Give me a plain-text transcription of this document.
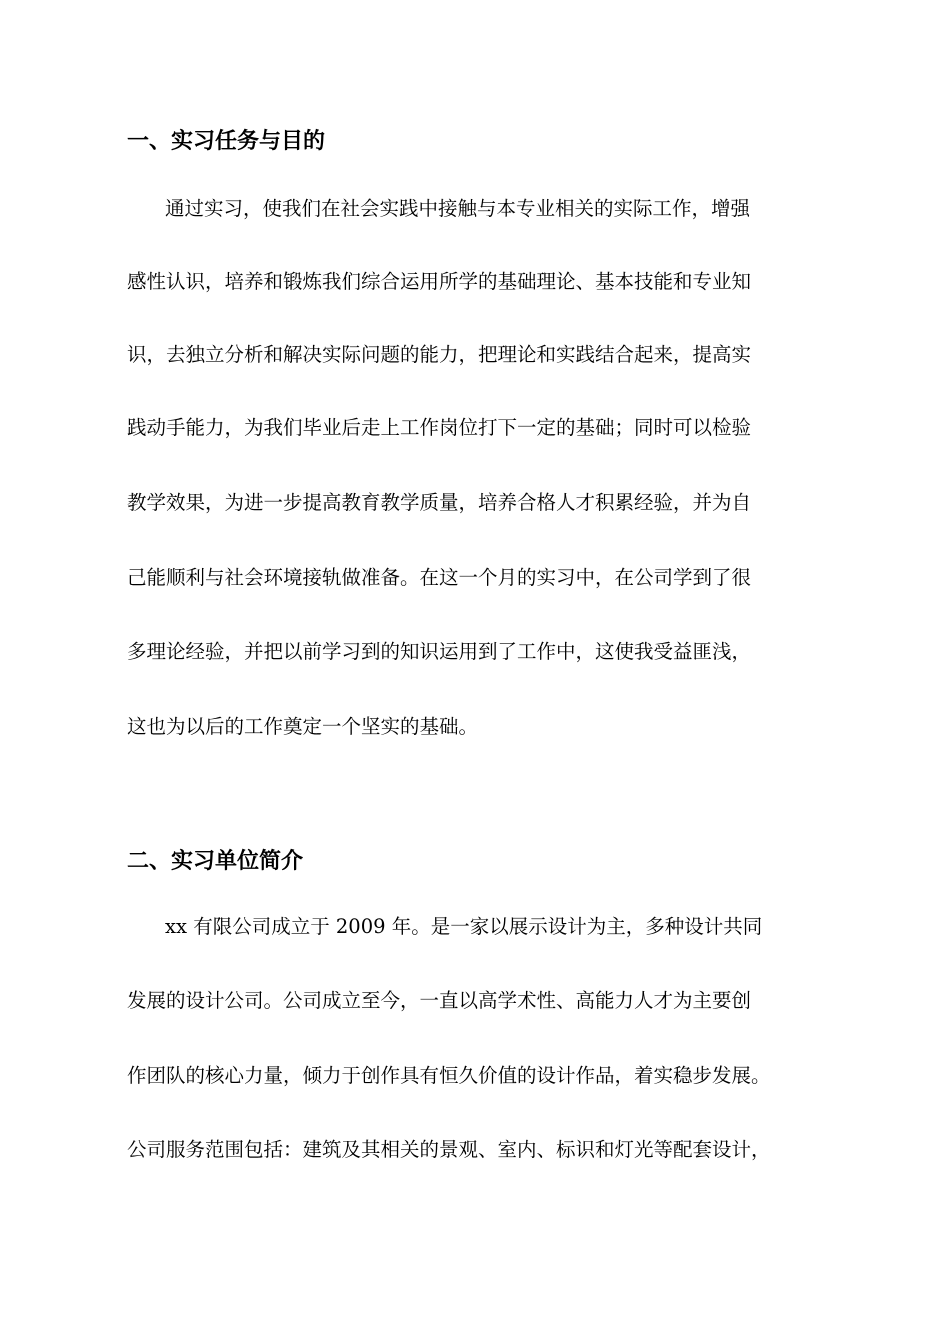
一、实习任务与目的

通过实习，使我们在社会实践中接触与本专业相关的实际工作，增强

感性认识，培养和锻炼我们综合运用所学的基础理论、基本技能和专业知

识，去独立分析和解决实际问题的能力，把理论和实践结合起来，提高实

践动手能力，为我们毕业后走上工作岗位打下一定的基础；同时可以检验

教学效果，为进一步提高教育教学质量，培养合格人才积累经验，并为自

己能顺利与社会环境接轨做准备。在这一个月的实习中，在公司学到了很

多理论经验，并把以前学习到的知识运用到了工作中，这使我受益匪浅，

这也为以后的工作奠定一个坚实的基础。

二、实习单位简介

xx 有限公司成立于 2009 年。是一家以展示设计为主，多种设计共同

发展的设计公司。公司成立至今，一直以高学术性、高能力人才为主要创

作团队的核心力量，倾力于创作具有恒久价值的设计作品，着实稳步发展。

公司服务范围包括：建筑及其相关的景观、室内、标识和灯光等配套设计，
